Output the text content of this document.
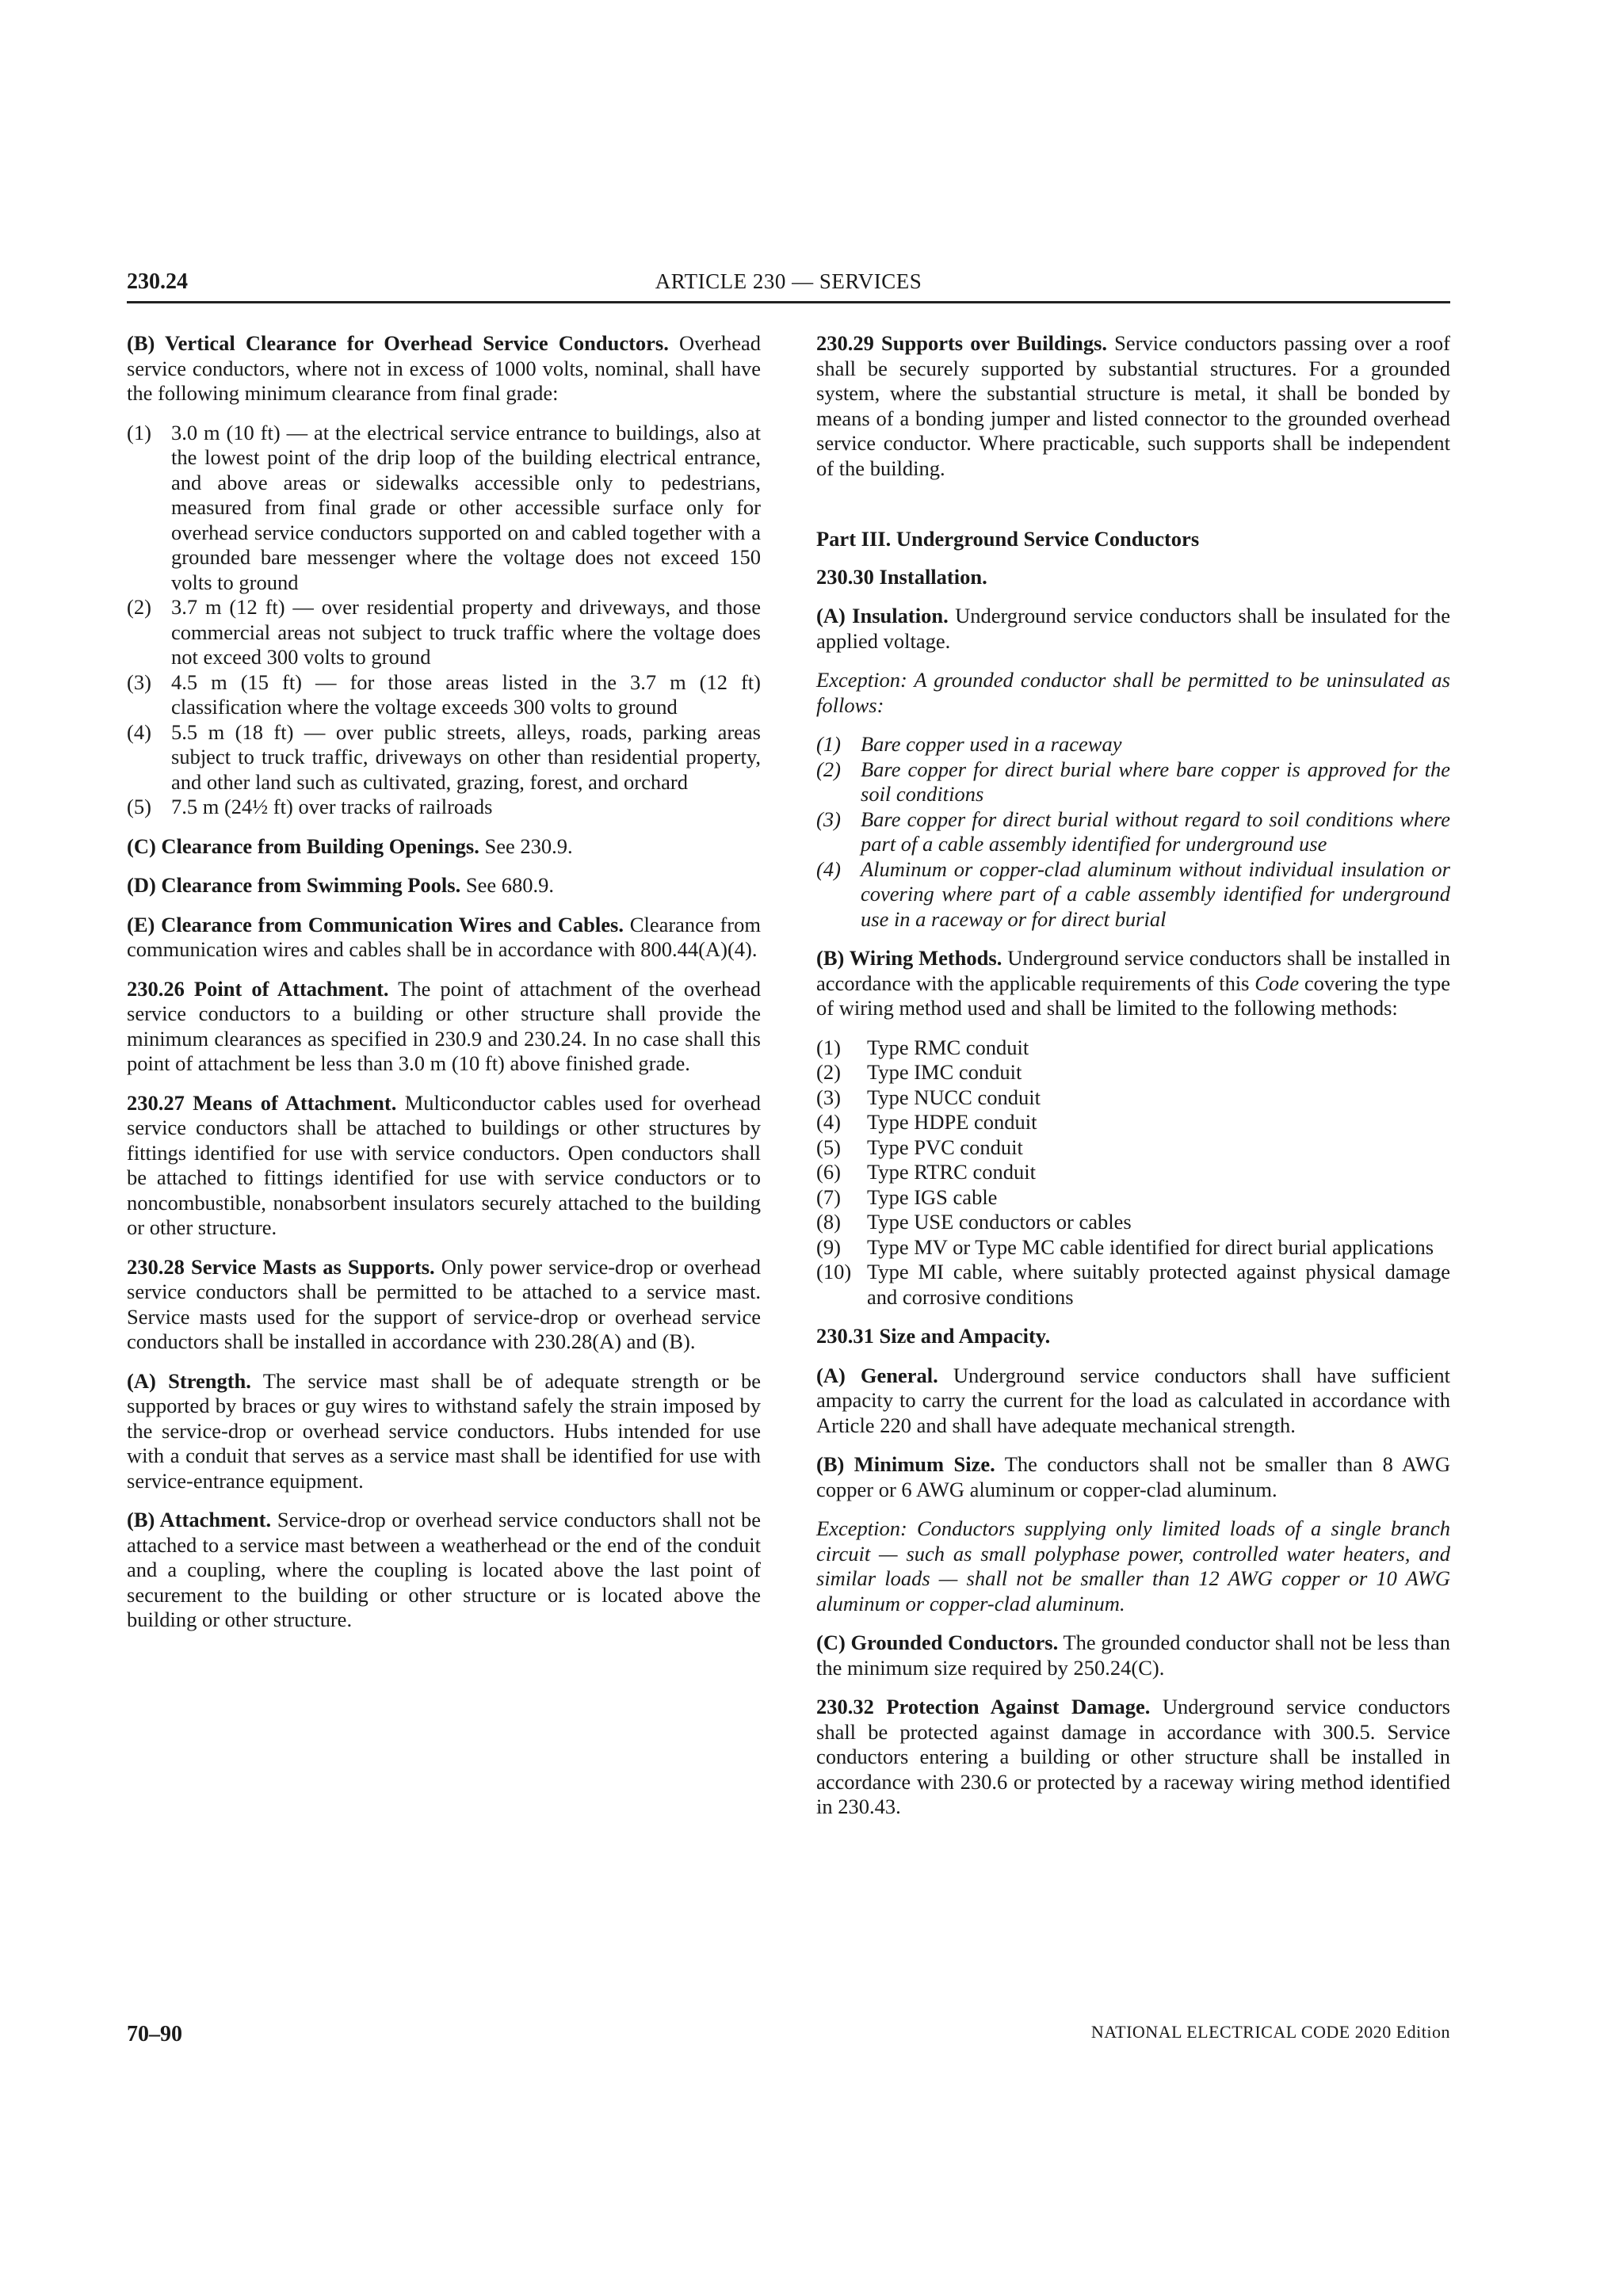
230.24	ARTICLE 230 — SERVICES

(B) Vertical Clearance for Overhead Service Conductors. Overhead service conductors, where not in excess of 1000 volts, nominal, shall have the following minimum clearance from final grade:

(1) 3.0 m (10 ft) — at the electrical service entrance to buildings, also at the lowest point of the drip loop of the building electrical entrance, and above areas or sidewalks accessible only to pedestrians, measured from final grade or other accessible surface only for overhead service conductors supported on and cabled together with a grounded bare messenger where the voltage does not exceed 150 volts to ground
(2) 3.7 m (12 ft) — over residential property and driveways, and those commercial areas not subject to truck traffic where the voltage does not exceed 300 volts to ground
(3) 4.5 m (15 ft) — for those areas listed in the 3.7 m (12 ft) classification where the voltage exceeds 300 volts to ground
(4) 5.5 m (18 ft) — over public streets, alleys, roads, parking areas subject to truck traffic, driveways on other than residential property, and other land such as cultivated, grazing, forest, and orchard
(5) 7.5 m (24½ ft) over tracks of railroads

(C) Clearance from Building Openings. See 230.9.

(D) Clearance from Swimming Pools. See 680.9.

(E) Clearance from Communication Wires and Cables. Clearance from communication wires and cables shall be in accordance with 800.44(A)(4).

230.26 Point of Attachment. The point of attachment of the overhead service conductors to a building or other structure shall provide the minimum clearances as specified in 230.9 and 230.24. In no case shall this point of attachment be less than 3.0 m (10 ft) above finished grade.

230.27 Means of Attachment. Multiconductor cables used for overhead service conductors shall be attached to buildings or other structures by fittings identified for use with service conductors. Open conductors shall be attached to fittings identified for use with service conductors or to noncombustible, nonabsorbent insulators securely attached to the building or other structure.

230.28 Service Masts as Supports. Only power service-drop or overhead service conductors shall be permitted to be attached to a service mast. Service masts used for the support of service-drop or overhead service conductors shall be installed in accordance with 230.28(A) and (B).

(A) Strength. The service mast shall be of adequate strength or be supported by braces or guy wires to withstand safely the strain imposed by the service-drop or overhead service conductors. Hubs intended for use with a conduit that serves as a service mast shall be identified for use with service-entrance equipment.

(B) Attachment. Service-drop or overhead service conductors shall not be attached to a service mast between a weatherhead or the end of the conduit and a coupling, where the coupling is located above the last point of securement to the building or other structure or is located above the building or other structure.

230.29 Supports over Buildings. Service conductors passing over a roof shall be securely supported by substantial structures. For a grounded system, where the substantial structure is metal, it shall be bonded by means of a bonding jumper and listed connector to the grounded overhead service conductor. Where practicable, such supports shall be independent of the building.

Part III. Underground Service Conductors
230.30 Installation.

(A) Insulation. Underground service conductors shall be insulated for the applied voltage.

Exception: A grounded conductor shall be permitted to be uninsulated as follows:

(1) Bare copper used in a raceway
(2) Bare copper for direct burial where bare copper is approved for the soil conditions
(3) Bare copper for direct burial without regard to soil conditions where part of a cable assembly identified for underground use
(4) Aluminum or copper-clad aluminum without individual insulation or covering where part of a cable assembly identified for underground use in a raceway or for direct burial

(B) Wiring Methods. Underground service conductors shall be installed in accordance with the applicable requirements of this Code covering the type of wiring method used and shall be limited to the following methods:

(1)	Type RMC conduit
(2)	Type IMC conduit
(3)	Type NUCC conduit
(4)	Type HDPE conduit
(5)	Type PVC conduit
(6)	Type RTRC conduit
(7)	Type IGS cable
(8)	Type USE conductors or cables
(9)	Type MV or Type MC cable identified for direct burial applications
(10) Type MI cable, where suitably protected against physical damage and corrosive conditions
230.31 Size and Ampacity.

(A) General. Underground service conductors shall have sufficient ampacity to carry the current for the load as calculated in accordance with Article 220 and shall have adequate mechanical strength.

(B) Minimum Size. The conductors shall not be smaller than 8 AWG copper or 6 AWG aluminum or copper-clad aluminum.

Exception: Conductors supplying only limited loads of a single branch circuit — such as small polyphase power, controlled water heaters, and similar loads — shall not be smaller than 12 AWG copper or 10 AWG aluminum or copper-clad aluminum.

(C) Grounded Conductors. The grounded conductor shall not be less than the minimum size required by 250.24(C).

230.32 Protection Against Damage. Underground service conductors shall be protected against damage in accordance with 300.5. Service conductors entering a building or other structure shall be installed in accordance with 230.6 or protected by a raceway wiring method identified in 230.43.

70–90	NATIONAL ELECTRICAL CODE 2020 Edition
